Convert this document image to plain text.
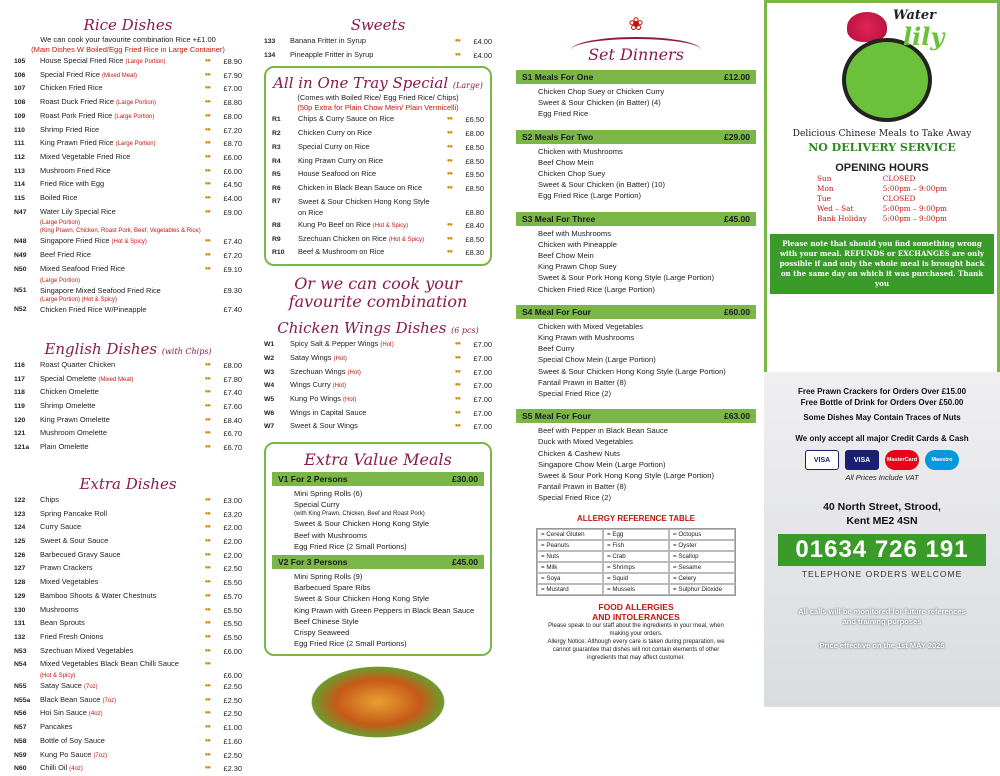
Rice Dishes
We can cook your favourite combination Rice +£1.00
(Main Dishes W Boiled/Egg Fried Rice in Large Container)
105	House Special Fried Rice (Large Portion)	●●	£8.90
106	Special Fried Rice (Mixed Meat)	●●	£7.90
107	Chicken Fried Rice	●●	£7.00
108	Roast Duck Fried Rice (Large Portion)	●●	£8.80
109	Roast Pork Fried Rice (Large Portion)	●●	£8.00
110	Shrimp Fried Rice	●●	£7.20
111	King Prawn Fried Rice (Large Portion)	●●	£8.70
112	Mixed Vegetable Fried Rice	●●	£6.00
113	Mushroom Fried Rice	●●	£6.00
114	Fried Rice with Egg	●●	£4.50
115	Boiled Rice	●●	£4.00
N47	Water Lily Special Rice	●●	£9.00
(Large Portion)
(King Prawn, Chicken, Roast Pork, Beef, Vegetables & Rice)
N48	Singapore Fried Rice (Hot & Spicy)	●●	£7.40
N49	Beef Fried Rice	●●	£7.20
N50	Mixed Seafood Fried Rice	●●	£9.10
(Large Portion)
N51	Singapore Mixed Seafood Fried Rice	£9.30
(Large Portion) (Hot & Spicy)
N52	Chicken Fried Rice W/Pineapple	£7.40
English Dishes (with Chips)
116	Roast Quarter Chicken	●●	£8.00
117	Special Omelette (Mixed Meat)	●●	£7.80
118	Chicken Omelette	●●	£7.40
119	Shrimp Omelette	●●	£7.60
120	King Prawn Omelette	●●	£8.40
121	Mushroom Omelette	●●	£6.70
121a	Plain Omelette	●●	£6.70
Extra Dishes
122	Chips	●●	£3.00
123	Spring Pancake Roll	●●	£3.20
124	Curry Sauce	●●	£2.00
125	Sweet & Sour Sauce	●●	£2.00
126	Barbecued Gravy Sauce	●●	£2.00
127	Prawn Crackers	●●	£2.50
128	Mixed Vegetables	●●	£5.50
129	Bamboo Shoots & Water Chestnuts	●●	£5.70
130	Mushrooms	●●	£5.50
131	Bean Sprouts	●●	£5.50
132	Fried Fresh Onions	●●	£5.50
N53	Szechuan Mixed Vegetables	●●	£6.00
N54	Mixed Vegetables Black Bean Chilli Sauce	●●
(Hot & Spicy)	£6.00
N55	Satay Sauce (7oz)	●●	£2.50
N55a	Black Bean Sauce (7oz)	●●	£2.50
N56	Hoi Sin Sauce (4oz)	●●	£2.50
N57	Pancakes	●●	£1.00
N58	Bottle of Soy Sauce	●●	£1.60
N59	Kung Po Sauce (7oz)	●●	£2.50
N60	Chilli Oil (4oz)	●●	£2.30
Sweets
133	Banana Fritter in Syrup	●●	£4.00
134	Pineapple Fritter in Syrup	●●	£4.00
All in One Tray Special (Large)
(Comes with Boiled Rice/ Egg Fried Rice/ Chips)
(50p Extra for Plain Chow Mein/ Plain Vermicelli)
R1	Chips & Curry Sauce on Rice	●●	£6.50
R2	Chicken Curry on Rice	●●	£8.00
R3	Special Curry on Rice	●●	£8.50
R4	King Prawn Curry on Rice	●●	£8.50
R5	House Seafood on Rice	●●	£9.50
R6	Chicken in Black Bean Sauce on Rice	●●	£8.50
R7	Sweet & Sour Chicken Hong Kong Style
on Rice	£8.80
R8	Kung Po Beef on Rice (Hot & Spicy)	●●	£8.40
R9	Szechuan Chicken on Rice (Hot & Spicy)	●●	£8.50
R10	Beef & Mushroom on Rice	●●	£8.30
Or we can cook your
favourite combination
Chicken Wings Dishes (6 pcs)
W1	Spicy Salt & Pepper Wings (Hot)	●●	£7.00
W2	Satay Wings (Hot)	●●	£7.00
W3	Szechuan Wings (Hot)	●●	£7.00
W4	Wings Curry (Hot)	●●	£7.00
W5	Kung Po Wings (Hot)	●●	£7.00
W6	Wings in Capital Sauce	●●	£7.00
W7	Sweet & Sour Wings	●●	£7.00
Extra Value Meals
V1 For 2 Persons	£30.00
Mini Spring Rolls (6)
Special Curry
(with King Prawn, Chicken, Beef and Roast Pork)
Sweet & Sour Chicken Hong Kong Style
Beef with Mushrooms
Egg Fried Rice (2 Small Portions)
V2 For 3 Persons	£45.00
Mini Spring Rolls (9)
Barbecued Spare Ribs
Sweet & Sour Chicken Hong Kong Style
King Prawn with Green Peppers in Black Bean Sauce
Beef Chinese Style
Crispy Seaweed
Egg Fried Rice (2 Small Portions)
❀
Set Dinners
S1 Meals For One	£12.00
Chicken Chop Suey or Chicken Curry
Sweet & Sour Chicken (in Batter) (4)
Egg Fried Rice
S2 Meals For Two	£29.00
Chicken with Mushrooms
Beef Chow Mein
Chicken Chop Suey
Sweet & Sour Chicken (in Batter) (10)
Egg Fried Rice (Large Portion)
S3 Meal For Three	£45.00
Beef with Mushrooms
Chicken with Pineapple
Beef Chow Mein
King Prawn Chop Suey
Sweet & Sour Pork Hong Kong Style (Large Portion)
Chicken Fried Rice (Large Portion)
S4 Meal For Four	£60.00
Chicken with Mixed Vegetables
King Prawn with Mushrooms
Beef Curry
Special Chow Mein (Large Portion)
Sweet & Sour Chicken Hong Kong Style (Large Portion)
Fantail Prawn in Batter (8)
Special Fried Rice (2)
S5 Meal For Four	£63.00
Beef with Pepper in Black Bean Sauce
Duck with Mixed Vegetables
Chicken & Cashew Nuts
Singapore Chow Mein (Large Portion)
Sweet & Sour Pork Hong Kong Style (Large Portion)
Fantail Prawn in Batter (8)
Special Fried Rice (2)
ALLERGY REFERENCE TABLE
= Cereal Gluten	= Egg	= Octopus
= Peanuts	= Fish	= Oyster
= Nuts	= Crab	= Scallop
= Milk	= Shrimps	= Sesame
= Soya	= Squid	= Celery
= Mustard	= Mussels	= Sulphur Dioxide
FOOD ALLERGIES
AND INTOLERANCES
Please speak to our staff about the ingredients in your meal, when making your orders.
Allergy Notice: Although every care is taken during preparation, we cannot guarantee that dishes will not contain elements of other ingredients that may affect customer.
Water
lily
Delicious Chinese Meals to Take Away
NO DELIVERY SERVICE
OPENING HOURS
Sun	CLOSED
Mon	5:00pm – 9:00pm
Tue	CLOSED
Wed – Sat	5:00pm – 9:00pm
Bank Holiday	5:00pm – 9:00pm
Please note that should you find something wrong with your meal. REFUNDS or EXCHANGES are only possible if and only the whole meal is brought back on the same day on which it was purchased. Thank you
Free Prawn Crackers for Orders Over £15.00
Free Bottle of Drink for Orders Over £50.00
Some Dishes May Contain Traces of Nuts
We only accept all major Credit Cards & Cash
VISA	VISA	MasterCard	Maestro
All Prices Include VAT
40 North Street, Strood,
Kent ME2 4SN
01634 726 191
TELEPHONE ORDERS WELCOME
All calls will be monitored for future references
and training purposes
Price effective on the 1st MAY 2025
